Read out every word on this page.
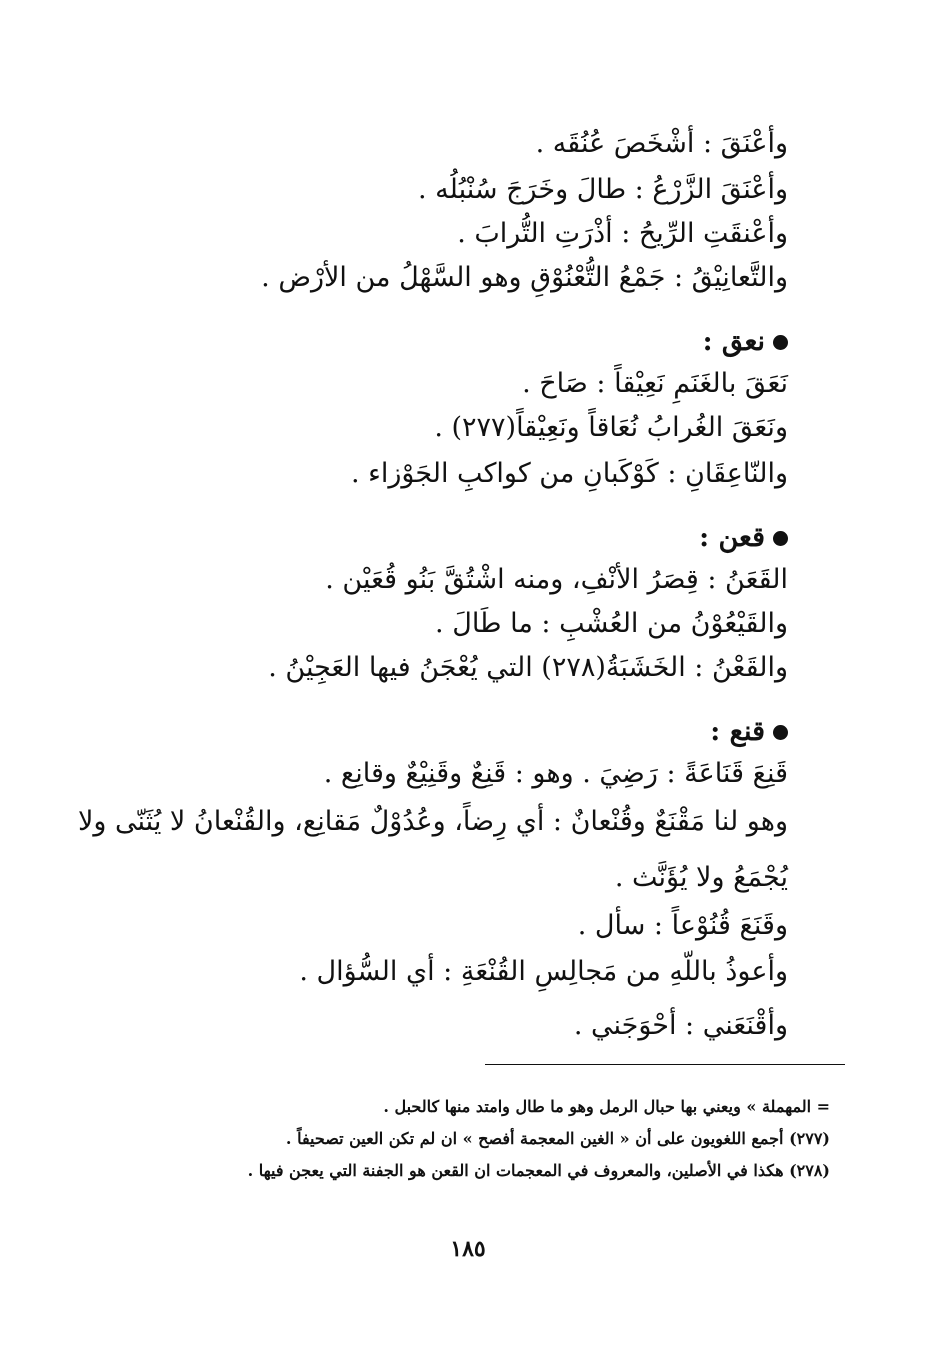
وأعْنَقَ : أشْخَصَ عُنُقَه .
وأعْنَقَ الزَّرْعُ : طالَ وخَرَجَ سُنْبُلُه .
وأعْنقَتِ الرِّيحُ : أذْرَتِ التُّرابَ .
والتَّعانِيْقُ : جَمْعُ التُّعْنُوْقِ وهو السَّهْلُ من الأرْض .
نعق :
نَعَقَ بالغَنَمِ نَعِيْقاً : صَاحَ .
ونَعَقَ الغُرابُ نُعَاقاً ونَعِيْقاً(٢٧٧) .
والنّاعِقَانِ : كَوْكَبانِ من كواكبِ الجَوْزاء .
قعن :
القَعَنُ : قِصَرُ الأنْفِ، ومنه اشْتُقَّ بَنُو قُعَيْن .
والقَيْعُوْنُ من العُشْبِ : ما طَالَ .
والقَعْنُ : الخَشَبَةُ(٢٧٨) التي يُعْجَنُ فيها العَجِيْنُ .
قنع :
قَنِعَ قَنَاعَةً : رَضِيَ . وهو : قَنِعٌ وقَنِيْعٌ وقانِع .
وهو لنا مَقْنَعٌ وقُنْعانٌ : أي رِضاً، وعُدُوْلٌ مَقانِع، والقُنْعانُ لا يُثَنّى ولا يُجْمَعُ ولا يُؤَنَّث .
وقَنَعَ قُنُوْعاً : سأل .
وأعوذُ باللّهِ من مَجالِسِ القُنْعَةِ : أي السُّؤال .
وأقْنَعَني : أحْوَجَني .
= المهملة » ويعني بها حبال الرمل وهو ما طال وامتد منها كالحبل .
(٢٧٧) أجمع اللغويون على أن « الغين المعجمة أفصح » ان لم تكن العين تصحيفاً .
(٢٧٨) هكذا في الأصلين، والمعروف في المعجمات ان القعن هو الجفنة التي يعجن فيها .
١٨٥
